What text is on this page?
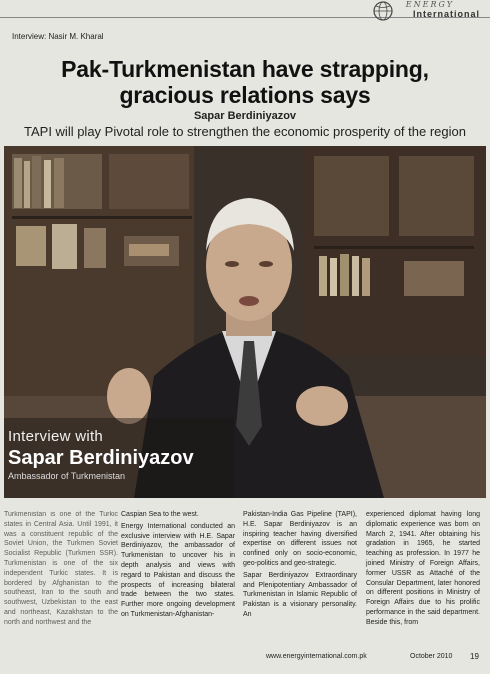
ENERGY
International
Interview: Nasir M. Kharal
Pak-Turkmenistan have strapping,
gracious relations says
Sapar Berdiniyazov
TAPI will play Pivotal role to strengthen the economic prosperity of the region
Interview with
Sapar Berdiniyazov
Ambassador of Turkmenistan

Turkmenistan is one of the Turkic states in Central Asia. Until 1991, it was a constituent republic of the Soviet Union, the Turkmen Soviet Socialist Republic (Turkmen SSR). Turkmenistan is one of the six independent Turkic states. It is bordered by Afghanistan to the southeast, Iran to the south and southwest, Uzbekistan to the east and northeast, Kazakhstan to the north and northwest and the

Caspian Sea to the west.

Energy International conducted an exclusive interview with H.E. Sapar Berdiniyazov, the ambassador of Turkmenistan to uncover his in depth analysis and views with regard to Pakistan and discuss the prospects of increasing bilateral trade between the two states. Further more ongoing development on Turkmenistan-Afghanistan-

Pakistan-India Gas Pipeline (TAPI), H.E. Sapar Berdiniyazov is an inspiring teacher having diversified expertise on different issues not confined only on socio-economic, geo-politics and geo-strategic.

Sapar Berdiniyazov Extraordinary and Plenipotentiary Ambassador of Turkmenistan in Islamic Republic of Pakistan is a visionary personality. An

experienced diplomat having long diplomatic experience was born on March 2, 1941. After obtaining his gradation in 1965, he started teaching as profession. In 1977 he joined Ministry of Foreign Affairs, former USSR as Attaché of the Consular Department, later honored on different positions in Ministry of Foreign Affairs due to his prolific performance in the said department. Beside this, from

www.energyinternational.com.pk	October 2010 19
